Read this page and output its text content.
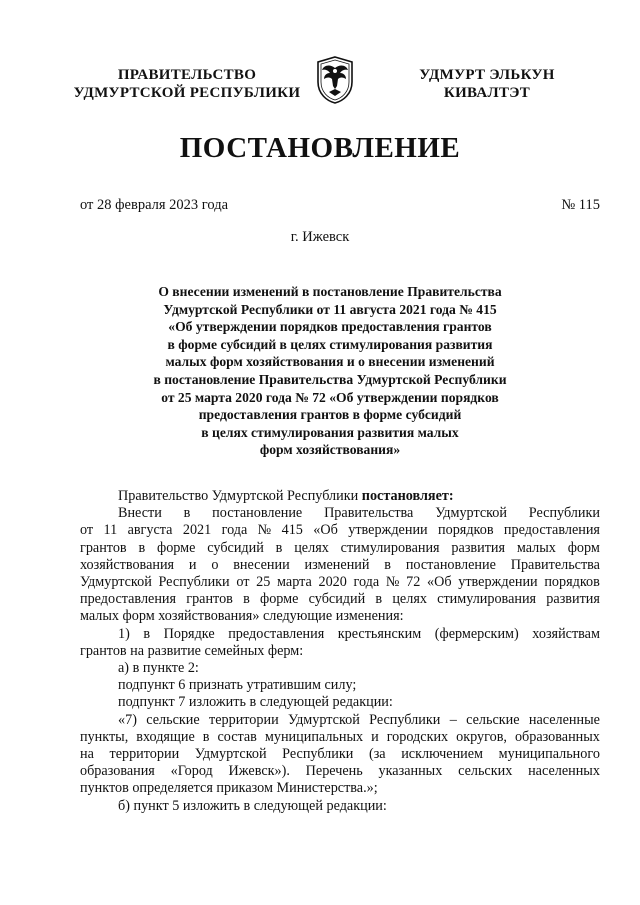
ПРАВИТЕЛЬСТВО
УДМУРТСКОЙ РЕСПУБЛИКИ
УДМУРТ ЭЛЬКУН
КИВАЛТЭТ
ПОСТАНОВЛЕНИЕ
от 28 февраля 2023 года	№ 115
г. Ижевск
О внесении изменений в постановление Правительства
Удмуртской Республики от 11 августа 2021 года № 415
«Об утверждении порядков предоставления грантов
в форме субсидий в целях стимулирования развития
малых форм хозяйствования и о внесении изменений
в постановление Правительства Удмуртской Республики
от 25 марта 2020 года № 72 «Об утверждении порядков
предоставления грантов в форме субсидий
в целях стимулирования развития малых
форм хозяйствования»
Правительство Удмуртской Республики постановляет:
Внести в постановление Правительства Удмуртской Республики
от 11 августа 2021 года № 415 «Об утверждении порядков предоставления
грантов в форме субсидий в целях стимулирования развития малых форм
хозяйствования и о внесении изменений в постановление Правительства
Удмуртской Республики от 25 марта 2020 года № 72 «Об утверждении порядков
предоставления грантов в форме субсидий в целях стимулирования развития
малых форм хозяйствования» следующие изменения:
1) в Порядке предоставления крестьянским (фермерским) хозяйствам
грантов на развитие семейных ферм:
а) в пункте 2:
подпункт 6 признать утратившим силу;
подпункт 7 изложить в следующей редакции:
«7) сельские территории Удмуртской Республики – сельские населенные
пункты, входящие в состав муниципальных и городских округов, образованных
на территории Удмуртской Республики (за исключением муниципального
образования «Город Ижевск»). Перечень указанных сельских населенных
пунктов определяется приказом Министерства.»;
б) пункт 5 изложить в следующей редакции:
